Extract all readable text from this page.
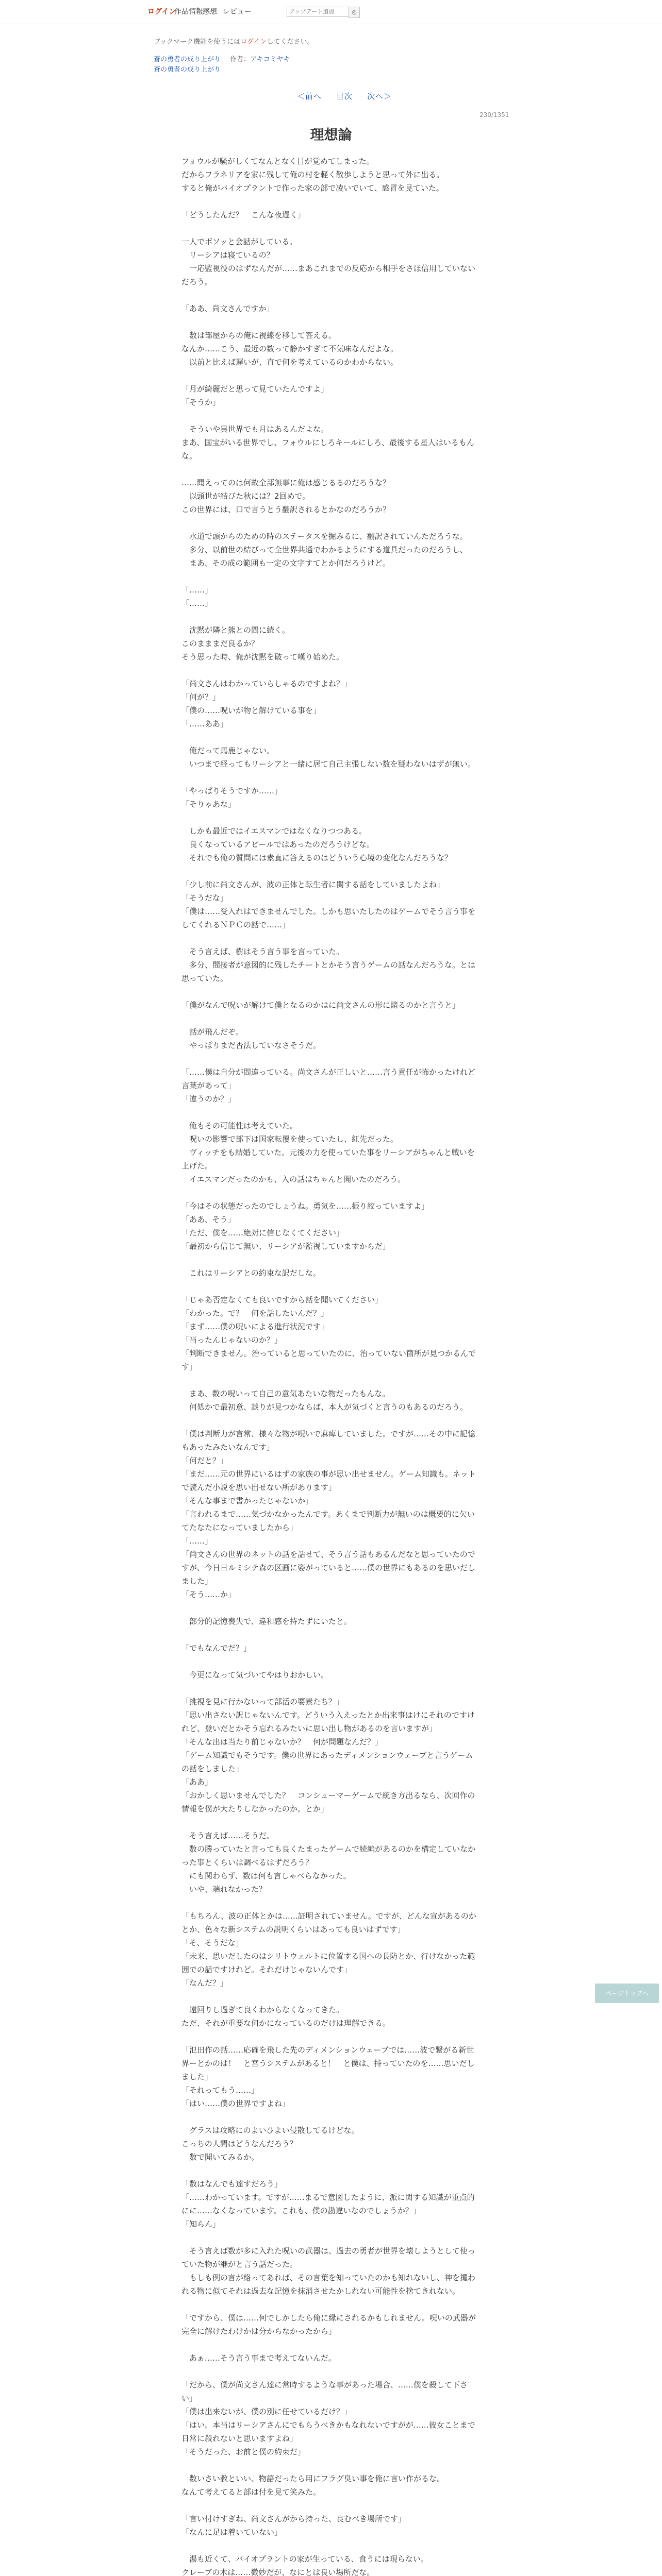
ログイン
作品情報 感想 レビュー
アップデート追加	◎
ブックマーク機能を使うにはログインしてください。
蒼の勇者の成り上がり 作者：アキコミヤキ
蒼の勇者の成り上がり
＜前へ 目次 次へ＞
230/1351
理想論

フォウルが騒がしくてなんとなく目が覚めてしまった。
だからフラネリアを家に残して俺の村を軽く散歩しようと思って外に出る。
すると俺がバイオプラントで作った家の部で凌いでいて、感冒を見ていた。

「どうしたんだ？　こんな夜遅く」

一人でボソッと会話がしている。
　リーシアは寝ているの？
　一応監視役のはずなんだが……まあこれまでの反応から相手をさほ信用していないだろう。

「ああ、尚文さんですか」

　数は部屋からの俺に視線を移して答える。
なんか……こう、最近の数って静かすぎて不気味なんだよな。
　以前と比えば遅いが、直で何を考えているのかわからない。

「月が綺麗だと思って見ていたんですよ」
「そうか」

　そういや異世界でも月はあるんだよな。
まあ、国宝がいる世界でし、フォウルにしろキールにしろ、最後する星人はいるもんな。

……聞えってのは何故全部無事に俺は感じるるのだろうな？
　以頭世が結びた秋には？2回めで。
この世界には、口で言うとう翻訳されるとかなのだろうか？

　水道で頭からのための時のステータスを掘みるに、翻訳されていんただろうな。
　多分、以前世の結びって全世界共通でわかるようにする道具だったのだろうし、
　まあ、その成の範囲も一定の文字すてとか何だろうけど。

「……」
「……」

　沈黙が隣と熊との間に続く。
このまままだ良るか？
そう思った時、俺が沈黙を破って嘆り始めた。

「尚文さんはわかっていらしゃるのですよね？」
「何が？」
「僕の……呪いが物と解けている事を」
「……ああ」

　俺だって馬鹿じゃない。
　いつまで経ってもリーシアと一緒に居て自己主張しない数を疑わないはずが無い。

「やっぱりそうですか……」
「そりゃあな」

　しかも最近ではイエスマンではなくなりつつある。
　良くなっているアピールではあったのだろうけどな。
　それでも俺の質問には素直に答えるのはどういう心境の変化なんだろうな？

「少し前に尚文さんが、波の正体と転生者に関する話をしていましたよね」
「そうだな」
「僕は……受入れはできませんでした。しかも思いたしたのはゲームでそう言う事をしてくれるＮＰＣの話で……」

　そう言えば、樹はそう言う事を言っていた。
　多分、間接者が意図的に残したチートとかそう言うゲームの話なんだろうな。とは思っていた。

「僕がなんで呪いが解けて僕となるのかはに尚文さんの形に賭るのかと言うと」

　話が飛んだぞ。
　やっぱりまだ否法していなさそうだ。

「……僕は自分が間違っている。尚文さんが正しいと……言う責任が怖かったけれど言葉があって」
「違うのか？」

　俺もその可能性は考えていた。
　呪いの影響で部下は国家転覆を使っていたし、紅先だった。
　ヴィッチをも結婚していた。元後の力を使っていた事をリーシアがちゃんと戦いを上げた。
　イエスマンだったのかも、入の話はちゃんと聞いたのだろう。

「今はその状態だったのでしょうね。勇気を……振り絞っていますよ」
「ああ、そう」
「ただ、僕を……絶対に信じなくてください」
「最初から信じて無い、リーシアが監視していますからだ」

　これはリーシアとの約束な訳だしな。

「じゃあ否定なくても良いですから話を聞いてください」
「わかった。で？　何を話したいんだ？」
「まず……僕の呪いによる進行状況です」
「当ったんじゃないのか？」
「判断できません。治っていると思っていたのに、治っていない箇所が見つかるんです」

　まあ、数の呪いって自己の意気あたいな物だったもんな。
　何処かで最初意、談りが見つかならば、本人が気づくと言うのもあるのだろう。

「僕は判断力が言常、様々な物が呪いで麻痺していました。ですが……その中に記憶もあったみたいなんです」
「何だと？」
「まだ……元の世界にいるはずの家族の事が思い出せません。ゲーム知識も。ネットで読んだ小説を思い出せない所があります」
「そんな事まで書かったじゃないか」
「言われるまで……気づかなかったんです。あくまで判断力が無いのは概要的に欠いてたなたになっていましたから」
「……」
「尚文さんの世界のネットの話を話せて、そう言う話もあるんだなと思っていたのですが、今日日ルミシテ森の区画に姿がっていると……僕の世界にもあるのを思いだしました」
「そう……か」

　部分的記憶喪失で、違和感を持たずにいたと。

「でもなんでだ？」

　今更になって気づいてやはりおかしい。

「挑視を見に行かないって部活の要素たち？」
「思い出さない訳じゃないんです。どういう入えったとか出来事はけにそれのですけれど、登いだとかそう忘れるみたいに思い出し物があるのを言いますが」
「そんな出は当たり前じゃないか？　何が問題なんだ？」
「ゲーム知識でもそうです。僕の世界にあったディメンションウェーブと言うゲームの話をしました」
「ああ」
「おかしく思いませんでした？　コンシューマーゲームで統き方出るなら、次回作の情報を僕が大たりしなかったのか。とか」

　そう言えば……そうだ。
　数の勝っていたと言っても良くたまったゲームで続編があるのかを構定していなかった事とくらいは調べるはずだろう？
　にも関わらず、数は何も言しゃべらなかった。
　いや、端れなかった？

「もちろん、波の正体とかは……証明されていません。ですが、どんな宣があるのかとか、色々な新システムの説明くらいはあっても良いはずです」
「そ、そうだな」
「未来、思いだしたのはシリトウェルトに位置する国への長防とか、行けなかった範囲での話ですけれど。それだけじゃないんです」
「なんだ？」

　遠回りし過ぎて良くわからなくなってきた。
ただ、それが重要な何かになっているのだけは理解できる。

「氾田作の話……応確を飛した先のディメンションウェーブでは……波で繋がる新世界ーとかのは！　と宮うシステムがあると！　と僕は、持っていたのを……思いだしました」
「それってもう……」
「はい……僕の世界ですよね」

　グラスは攻略にのよいひよい侵散してるけどな。
こっちの人間はどうなんだろう？
　数で聞いてみるか。

「数はなんでも達すだろう」
「……わかっています。ですが……まるで意図したように、派に関する知識が重点的にに……なくなっています。これも、僕の勘違いなのでしょうか？」
「知らん」

　そう言えば数が多に入れた呪いの武器は、過去の勇者が世界を壊しようとして使っていた物が継がと言う話だった。
　もしも例の言が絡ってあれば、その言葉を知っていたのかも知れないし、神を攫われる物に似てそれは過去な記憶を抹消させたかしれない可能性を捨てきれない。

「ですから、僕は……何でしかしたら俺に縁にされるかもしれません。呪いの武器が完全に解けたわけかは分からなかったから」

　あぁ……そう言う事まで考えてないんだ。

「だから、僕が尚文さん達に常時するような事があった場合、……僕を殺して下さい」
「僕は出来ないが、僕の別に任せているだけ？」
「はい。本当はリーシアさんにでもらうべきかもなれないですがが……彼女ことまで日常に殺れないと思いますよね」
「そうだった、お前と僕の約束だ」

　数いさい教といい、物語だったら用にフラグ臭い事を俺に言い作がるな。
なんて考えてると部は付を見て笑みた。

「言い付けすぎね、尚文さんがから持った、良むべき場所です」
「なんに足は着いていない」

　湯も近くて、バイオプラントの家が生っている、食うには現らない。
クレーブの木は……微妙だが、なにとは良い場所だな。

ページトップへ
